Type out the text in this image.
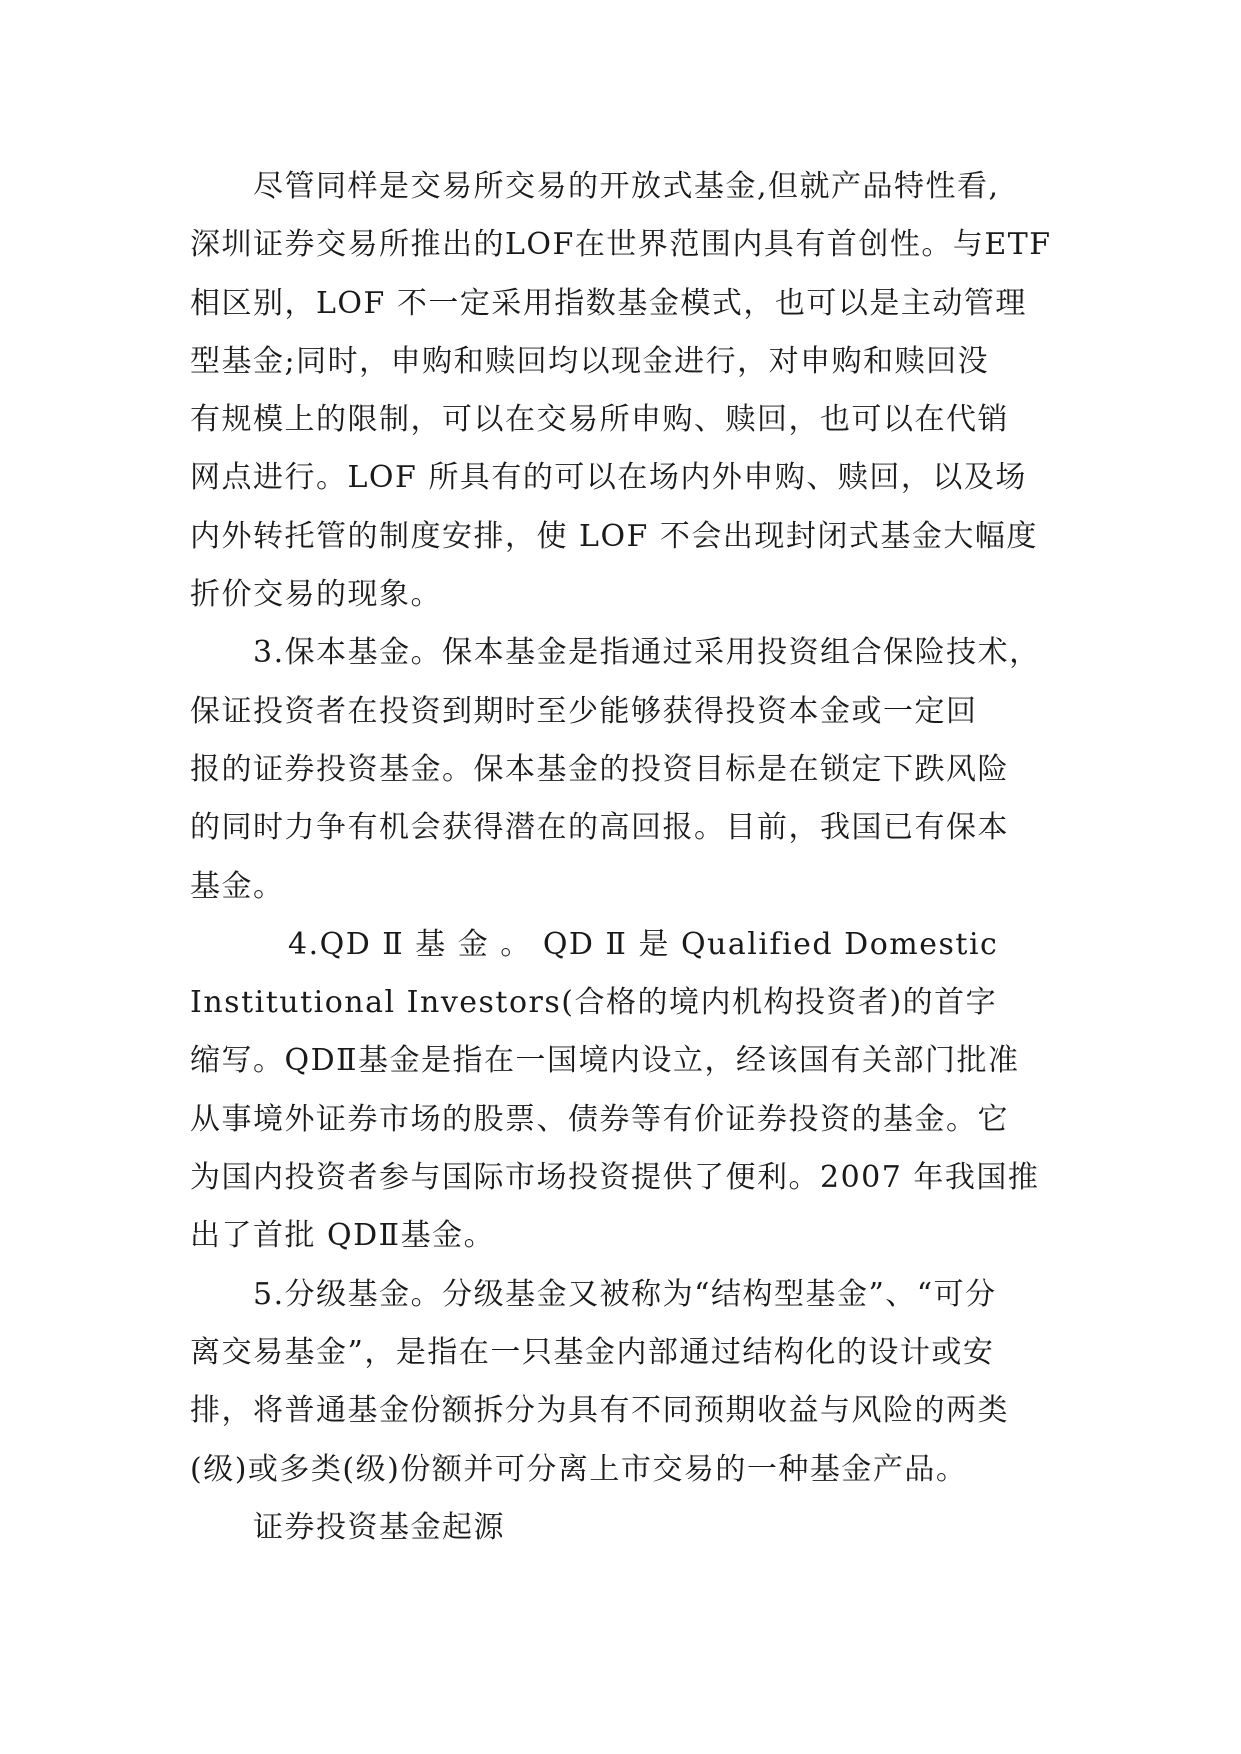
尽管同样是交易所交易的开放式基金,但就产品特性看,
深圳证券交易所推出的LOF在世界范围内具有首创性。与ETF
相区别，LOF 不一定采用指数基金模式，也可以是主动管理
型基金;同时，申购和赎回均以现金进行，对申购和赎回没
有规模上的限制，可以在交易所申购、赎回，也可以在代销
网点进行。LOF 所具有的可以在场内外申购、赎回，以及场
内外转托管的制度安排，使 LOF 不会出现封闭式基金大幅度
折价交易的现象。
3.保本基金。保本基金是指通过采用投资组合保险技术，
保证投资者在投资到期时至少能够获得投资本金或一定回
报的证券投资基金。保本基金的投资目标是在锁定下跌风险
的同时力争有机会获得潜在的高回报。目前，我国已有保本
基金。
4.QD Ⅱ 基 金 。 QD Ⅱ 是 Qualified Domestic
Institutional Investors(合格的境内机构投资者)的首字
缩写。QDⅡ基金是指在一国境内设立，经该国有关部门批准
从事境外证券市场的股票、债券等有价证券投资的基金。它
为国内投资者参与国际市场投资提供了便利。2007 年我国推
出了首批 QDⅡ基金。
5.分级基金。分级基金又被称为“结构型基金”、“可分
离交易基金”，是指在一只基金内部通过结构化的设计或安
排，将普通基金份额拆分为具有不同预期收益与风险的两类
(级)或多类(级)份额并可分离上市交易的一种基金产品。
证券投资基金起源
